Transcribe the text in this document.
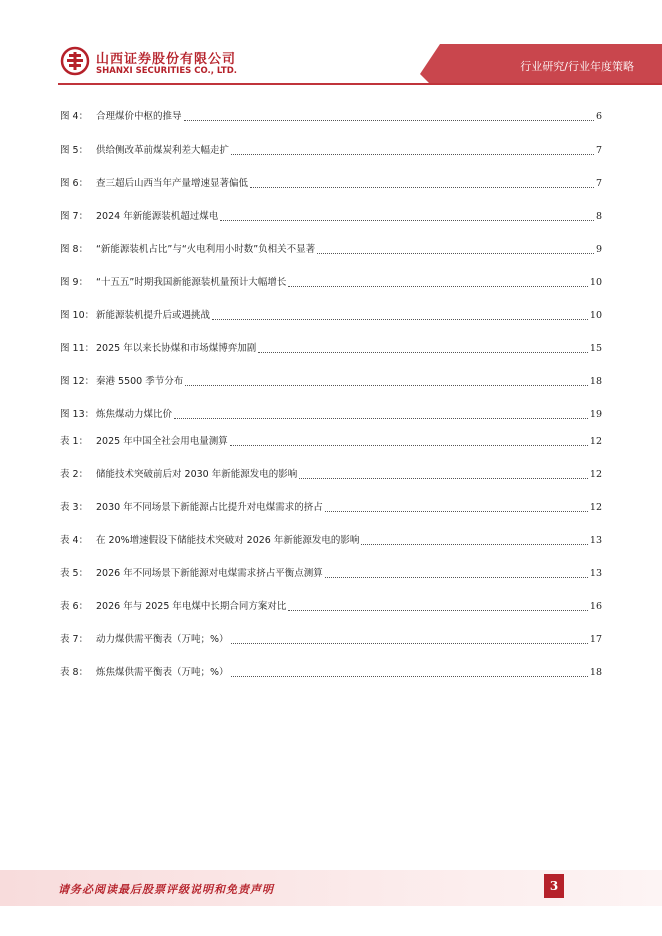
山西证券股份有限公司
SHANXI SECURITIES CO., LTD.	行业研究/行业年度策略
图 4： 合理煤价中枢的推导	6
图 5： 供给侧改革前煤炭利差大幅走扩	7
图 6： 查三超后山西当年产量增速显著偏低	7
图 7： 2024 年新能源装机超过煤电	8
图 8： “新能源装机占比”与“火电利用小时数”负相关不显著	9
图 9： “十五五”时期我国新能源装机量预计大幅增长	10
图 10： 新能源装机提升后或遇挑战	10
图 11： 2025 年以来长协煤和市场煤博弈加剧	15
图 12： 秦港 5500 季节分布	18
图 13： 炼焦煤动力煤比价	19
表 1： 2025 年中国全社会用电量测算	12
表 2： 储能技术突破前后对 2030 年新能源发电的影响	12
表 3： 2030 年不同场景下新能源占比提升对电煤需求的挤占	12
表 4： 在 20%增速假设下储能技术突破对 2026 年新能源发电的影响	13
表 5： 2026 年不同场景下新能源对电煤需求挤占平衡点测算	13
表 6： 2026 年与 2025 年电煤中长期合同方案对比	16
表 7： 动力煤供需平衡表（万吨；%）	17
表 8： 炼焦煤供需平衡表（万吨；%）	18
请务必阅读最后股票评级说明和免责声明	3
